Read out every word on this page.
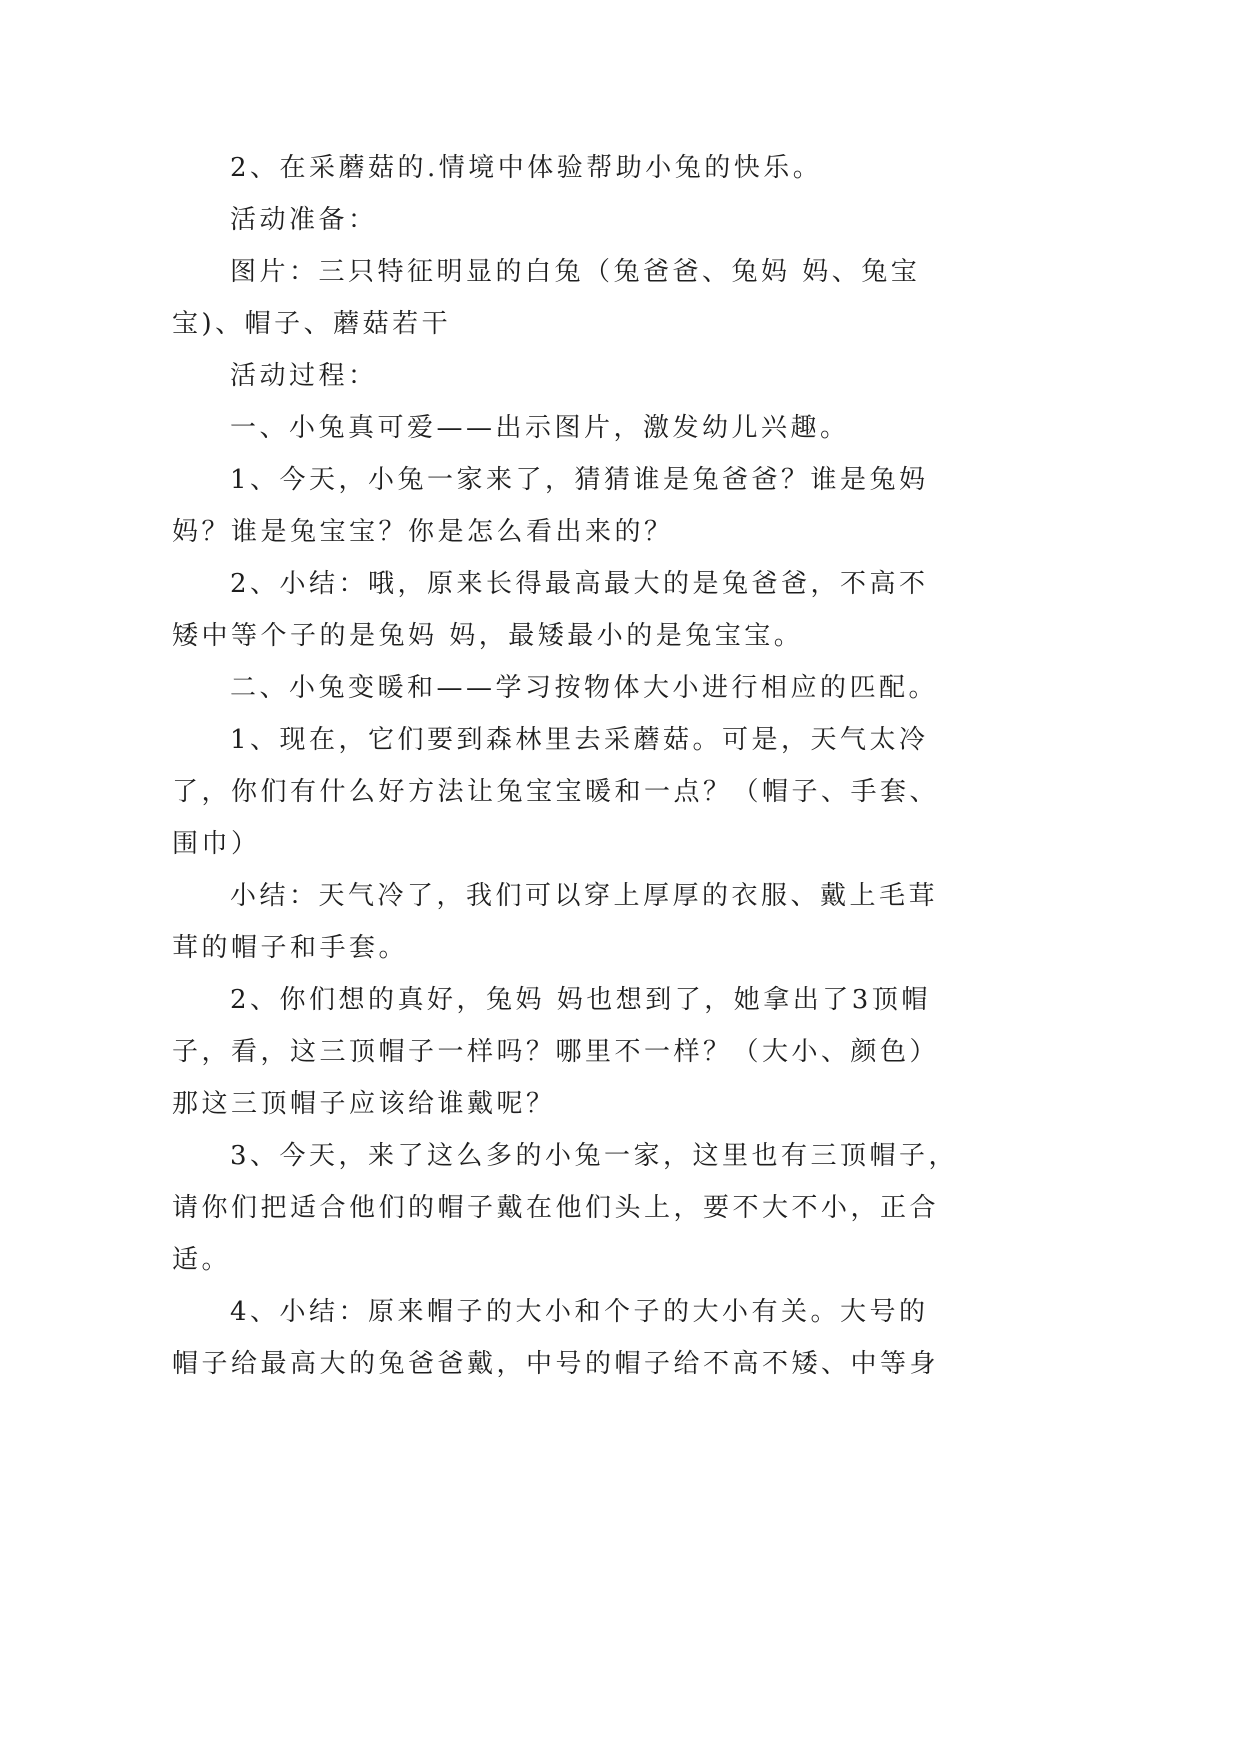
2、在采蘑菇的.情境中体验帮助小兔的快乐。
活动准备：
图片：三只特征明显的白兔（兔爸爸、兔妈 妈、兔宝
宝)、帽子、蘑菇若干
活动过程：
一、小兔真可爱——出示图片，激发幼儿兴趣。
1、今天，小兔一家来了，猜猜谁是兔爸爸？谁是兔妈
妈？谁是兔宝宝？你是怎么看出来的？
2、小结：哦，原来长得最高最大的是兔爸爸，不高不
矮中等个子的是兔妈 妈，最矮最小的是兔宝宝。
二、小兔变暖和——学习按物体大小进行相应的匹配。
1、现在，它们要到森林里去采蘑菇。可是，天气太冷
了，你们有什么好方法让兔宝宝暖和一点？（帽子、手套、
围巾）
小结：天气冷了，我们可以穿上厚厚的衣服、戴上毛茸
茸的帽子和手套。
2、你们想的真好，兔妈 妈也想到了，她拿出了3顶帽
子，看，这三顶帽子一样吗？哪里不一样？（大小、颜色）
那这三顶帽子应该给谁戴呢？
3、今天，来了这么多的小兔一家，这里也有三顶帽子，
请你们把适合他们的帽子戴在他们头上，要不大不小，正合
适。
4、小结：原来帽子的大小和个子的大小有关。大号的
帽子给最高大的兔爸爸戴，中号的帽子给不高不矮、中等身
